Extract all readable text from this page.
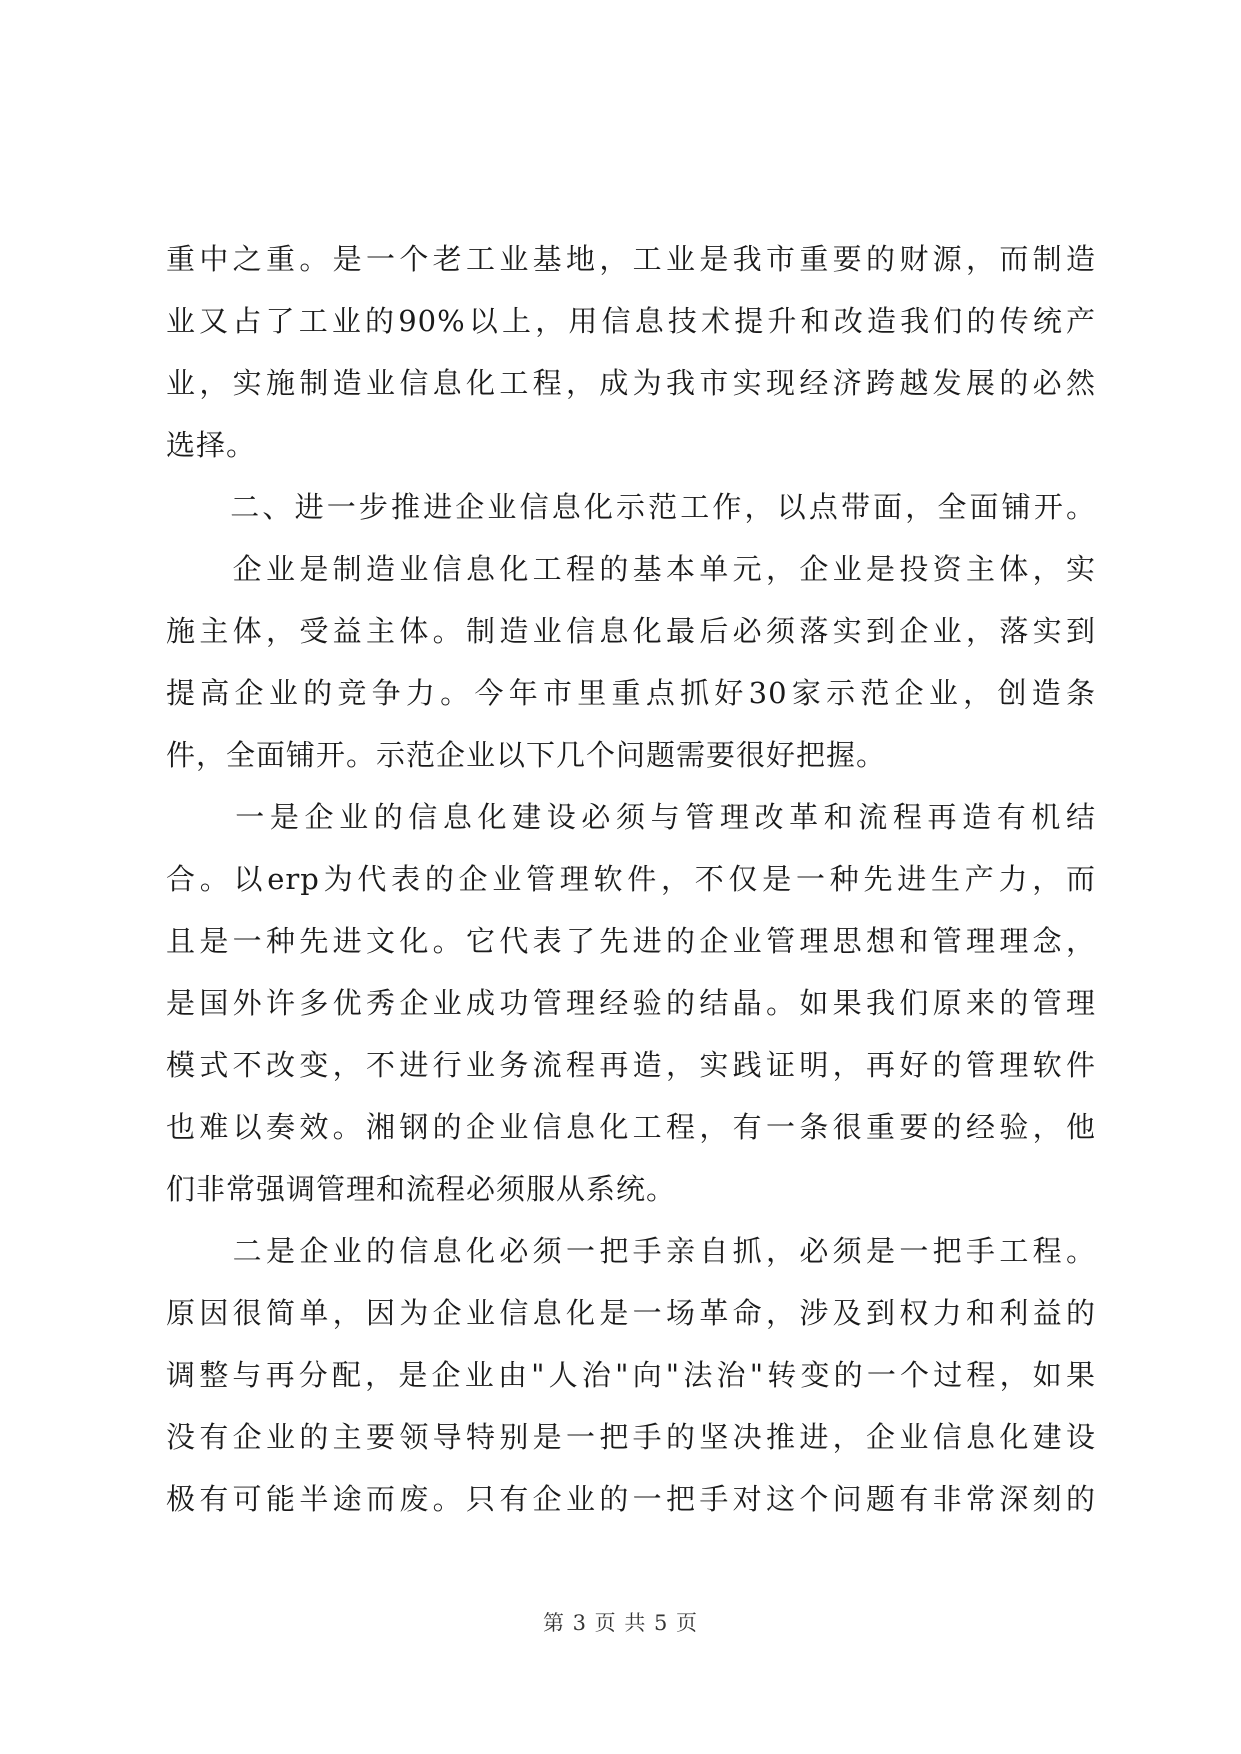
重中之重。是一个老工业基地，工业是我市重要的财源，而制造
业又占了工业的90%以上，用信息技术提升和改造我们的传统产
业，实施制造业信息化工程，成为我市实现经济跨越发展的必然
选择。
　　二、进一步推进企业信息化示范工作，以点带面，全面铺开。
　　企业是制造业信息化工程的基本单元，企业是投资主体，实
施主体，受益主体。制造业信息化最后必须落实到企业，落实到
提高企业的竞争力。今年市里重点抓好30家示范企业，创造条
件，全面铺开。示范企业以下几个问题需要很好把握。
　　一是企业的信息化建设必须与管理改革和流程再造有机结
合。以erp为代表的企业管理软件，不仅是一种先进生产力，而
且是一种先进文化。它代表了先进的企业管理思想和管理理念，
是国外许多优秀企业成功管理经验的结晶。如果我们原来的管理
模式不改变，不进行业务流程再造，实践证明，再好的管理软件
也难以奏效。湘钢的企业信息化工程，有一条很重要的经验，他
们非常强调管理和流程必须服从系统。
　　二是企业的信息化必须一把手亲自抓，必须是一把手工程。
原因很简单，因为企业信息化是一场革命，涉及到权力和利益的
调整与再分配，是企业由"人治"向"法治"转变的一个过程，如果
没有企业的主要领导特别是一把手的坚决推进，企业信息化建设
极有可能半途而废。只有企业的一把手对这个问题有非常深刻的
第 3 页 共 5 页
